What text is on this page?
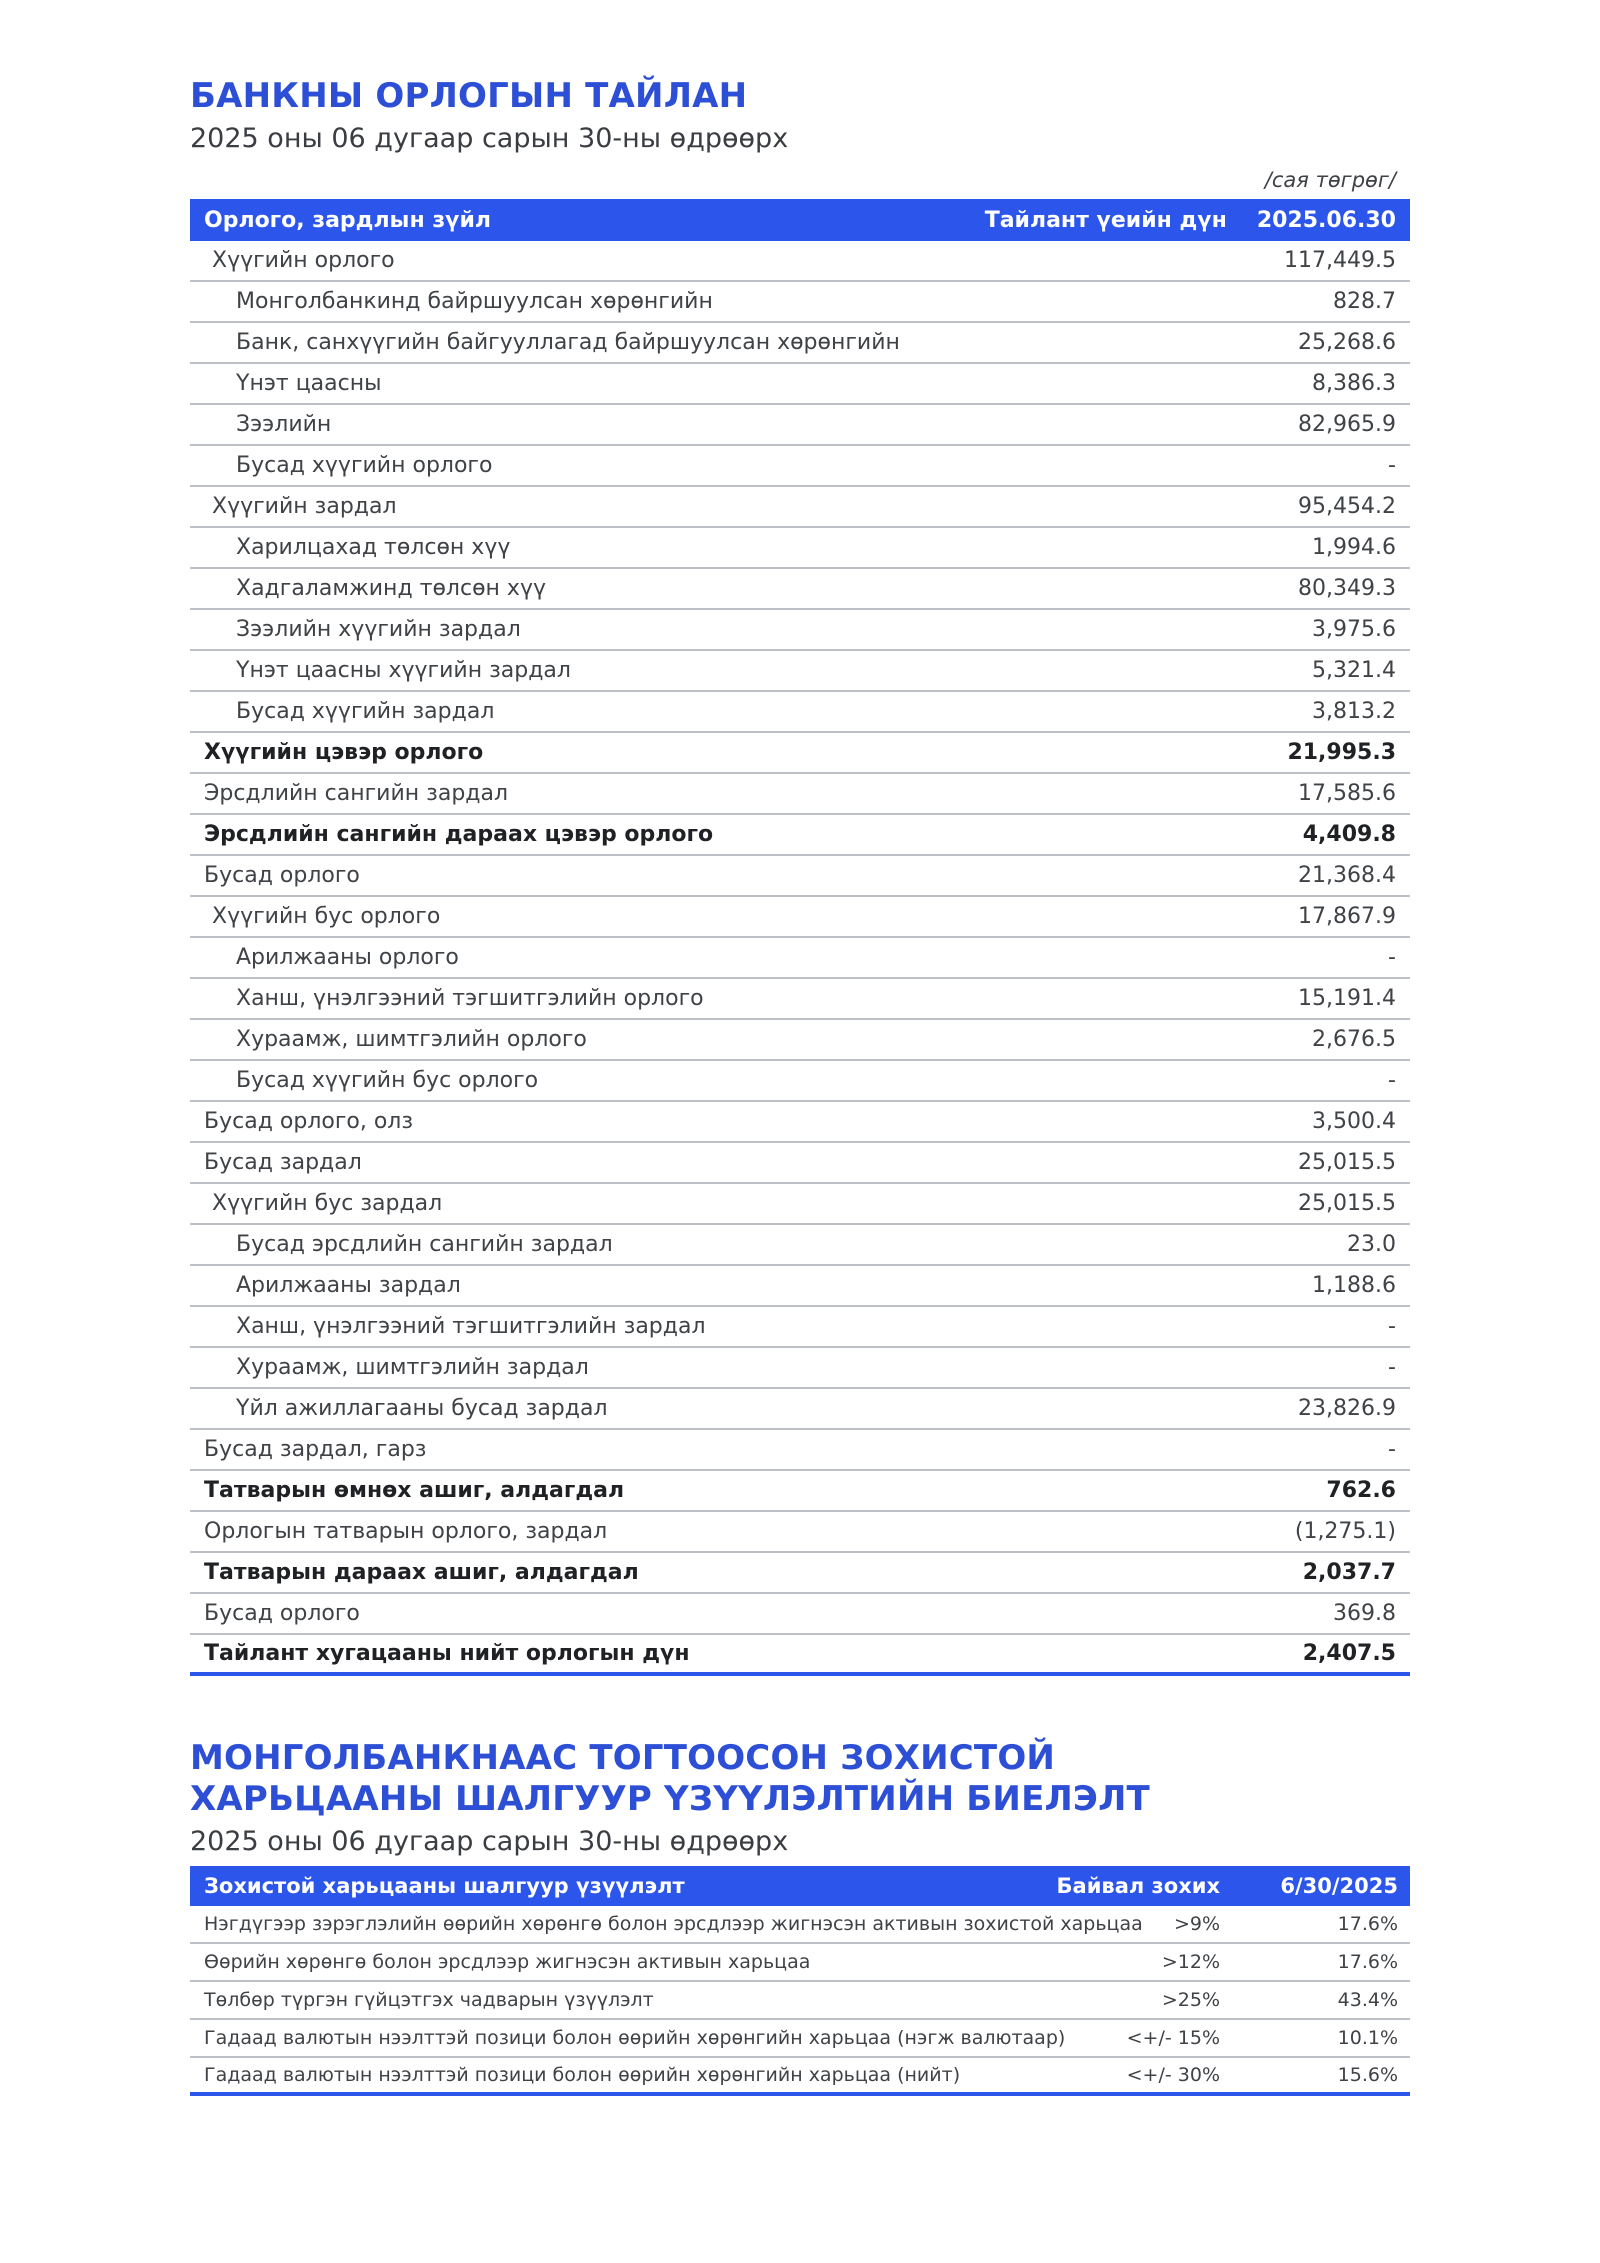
БАНКНЫ ОРЛОГЫН ТАЙЛАН
2025 оны 06 дугаар сарын 30-ны өдрөөрх
/сая төгрөг/
Орлого, зардлын зүйл	Тайлант үеийн дүн 2025.06.30
Хүүгийн орлого	117,449.5
Монголбанкинд байршуулсан хөрөнгийн	828.7
Банк, санхүүгийн байгууллагад байршуулсан хөрөнгийн	25,268.6
Үнэт цаасны	8,386.3
Зээлийн	82,965.9
Бусад хүүгийн орлого	-
Хүүгийн зардал	95,454.2
Харилцахад төлсөн хүү	1,994.6
Хадгаламжинд төлсөн хүү	80,349.3
Зээлийн хүүгийн зардал	3,975.6
Үнэт цаасны хүүгийн зардал	5,321.4
Бусад хүүгийн зардал	3,813.2
Хүүгийн цэвэр орлого	21,995.3
Эрсдлийн сангийн зардал	17,585.6
Эрсдлийн сангийн дараах цэвэр орлого	4,409.8
Бусад орлого	21,368.4
Хүүгийн бус орлого	17,867.9
Арилжааны орлого	-
Ханш, үнэлгээний тэгшитгэлийн орлого	15,191.4
Хураамж, шимтгэлийн орлого	2,676.5
Бусад хүүгийн бус орлого	-
Бусад орлого, олз	3,500.4
Бусад зардал	25,015.5
Хүүгийн бус зардал	25,015.5
Бусад эрсдлийн сангийн зардал	23.0
Арилжааны зардал	1,188.6
Ханш, үнэлгээний тэгшитгэлийн зардал	-
Хураамж, шимтгэлийн зардал	-
Үйл ажиллагааны бусад зардал	23,826.9
Бусад зардал, гарз	-
Татварын өмнөх ашиг, алдагдал	762.6
Орлогын татварын орлого, зардал	(1,275.1)
Татварын дараах ашиг, алдагдал	2,037.7
Бусад орлого	369.8
Тайлант хугацааны нийт орлогын дүн	2,407.5
МОНГОЛБАНКНААС ТОГТООСОН ЗОХИСТОЙ
ХАРЬЦААНЫ ШАЛГУУР ҮЗҮҮЛЭЛТИЙН БИЕЛЭЛТ
2025 оны 06 дугаар сарын 30-ны өдрөөрх
Зохистой харьцааны шалгуур үзүүлэлт	Байвал зохих	6/30/2025
Нэгдүгээр зэрэглэлийн өөрийн хөрөнгө болон эрсдлээр жигнэсэн активын зохистой харьцаа	>9%	17.6%
Өөрийн хөрөнгө болон эрсдлээр жигнэсэн активын харьцаа	>12%	17.6%
Төлбөр түргэн гүйцэтгэх чадварын үзүүлэлт	>25%	43.4%
Гадаад валютын нээлттэй позици болон өөрийн хөрөнгийн харьцаа (нэгж валютаар)	<+/- 15%	10.1%
Гадаад валютын нээлттэй позици болон өөрийн хөрөнгийн харьцаа (нийт)	<+/- 30%	15.6%
